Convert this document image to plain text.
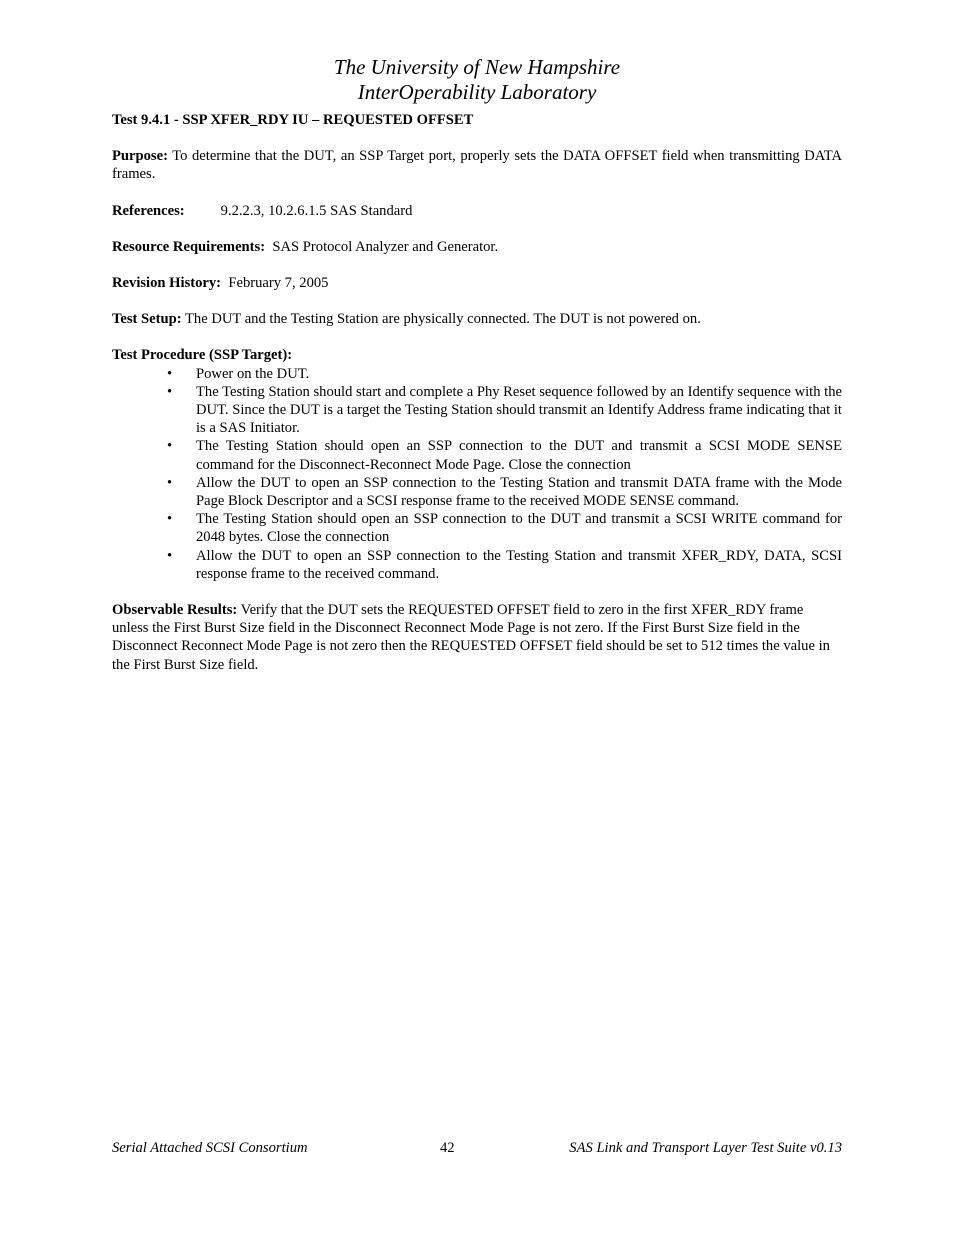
The University of New Hampshire
InterOperability Laboratory
Test 9.4.1 - SSP XFER_RDY IU – REQUESTED OFFSET

Purpose: To determine that the DUT, an SSP Target port, properly sets the DATA OFFSET field when transmitting DATA frames.

References: 9.2.2.3, 10.2.6.1.5 SAS Standard

Resource Requirements:  SAS Protocol Analyzer and Generator.

Revision History:  February 7, 2005

Test Setup: The DUT and the Testing Station are physically connected. The DUT is not powered on.

Test Procedure (SSP Target):

• Power on the DUT.
• The Testing Station should start and complete a Phy Reset sequence followed by an Identify sequence with the DUT. Since the DUT is a target the Testing Station should transmit an Identify Address frame indicating that it is a SAS Initiator.
• The Testing Station should open an SSP connection to the DUT and transmit a SCSI MODE SENSE command for the Disconnect-Reconnect Mode Page. Close the connection
• Allow the DUT to open an SSP connection to the Testing Station and transmit DATA frame with the Mode Page Block Descriptor and a SCSI response frame to the received MODE SENSE command.
• The Testing Station should open an SSP connection to the DUT and transmit a SCSI WRITE command for 2048 bytes. Close the connection
• Allow the DUT to open an SSP connection to the Testing Station and transmit XFER_RDY, DATA, SCSI response frame to the received command.

Observable Results: Verify that the DUT sets the REQUESTED OFFSET field to zero in the first XFER_RDY frame unless the First Burst Size field in the Disconnect Reconnect Mode Page is not zero. If the First Burst Size field in the Disconnect Reconnect Mode Page is not zero then the REQUESTED OFFSET field should be set to 512 times the value in the First Burst Size field.

Serial Attached SCSI Consortium	42	SAS Link and Transport Layer Test Suite v0.13
